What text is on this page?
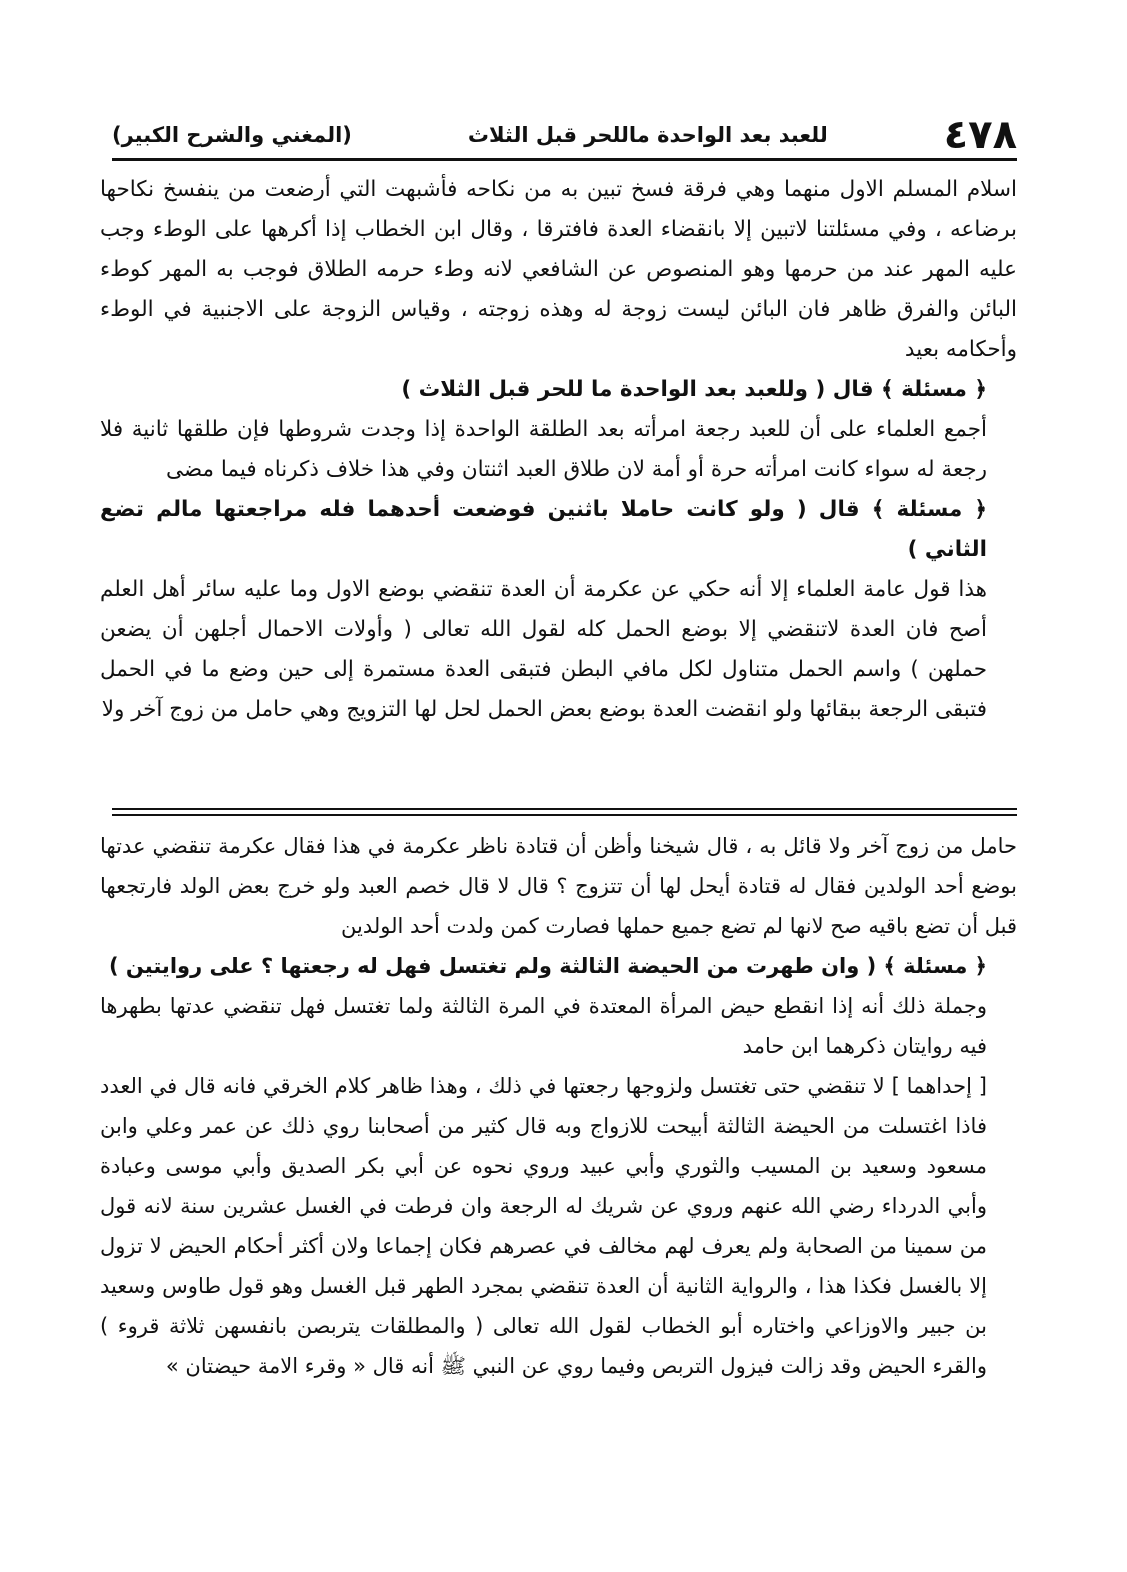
٤٧٨
للعبد بعد الواحدة ماللحر قبل الثلاث
(المغني والشرح الكبير)

اسلام المسلم الاول منهما وهي فرقة فسخ تبين به من نكاحه فأشبهت التي أرضعت من ينفسخ نكاحها برضاعه ، وفي مسئلتنا لاتبين إلا بانقضاء العدة فافترقا ، وقال ابن الخطاب إذا أكرهها على الوطء وجب عليه المهر عند من حرمها وهو المنصوص عن الشافعي لانه وطء حرمه الطلاق فوجب به المهر كوطء البائن والفرق ظاهر فان البائن ليست زوجة له وهذه زوجته ، وقياس الزوجة على الاجنبية في الوطء وأحكامه بعيد

﴿ مسئلة ﴾ قال ( وللعبد بعد الواحدة ما للحر قبل الثلاث )

أجمع العلماء على أن للعبد رجعة امرأته بعد الطلقة الواحدة إذا وجدت شروطها فإن طلقها ثانية فلا رجعة له سواء كانت امرأته حرة أو أمة لان طلاق العبد اثنتان وفي هذا خلاف ذكرناه فيما مضى

﴿ مسئلة ﴾ قال ( ولو كانت حاملا باثنين فوضعت أحدهما فله مراجعتها مالم تضع الثاني )

هذا قول عامة العلماء إلا أنه حكي عن عكرمة أن العدة تنقضي بوضع الاول وما عليه سائر أهل العلم أصح فان العدة لاتنقضي إلا بوضع الحمل كله لقول الله تعالى ( وأولات الاحمال أجلهن أن يضعن حملهن ) واسم الحمل متناول لكل مافي البطن فتبقى العدة مستمرة إلى حين وضع ما في الحمل فتبقى الرجعة ببقائها ولو انقضت العدة بوضع بعض الحمل لحل لها التزويج وهي حامل من زوج آخر ولا

حامل من زوج آخر ولا قائل به ، قال شيخنا وأظن أن قتادة ناظر عكرمة في هذا فقال عكرمة تنقضي عدتها بوضع أحد الولدين فقال له قتادة أيحل لها أن تتزوج ؟ قال لا قال خصم العبد ولو خرج بعض الولد فارتجعها قبل أن تضع باقيه صح لانها لم تضع جميع حملها فصارت كمن ولدت أحد الولدين

﴿ مسئلة ﴾ ( وان طهرت من الحيضة الثالثة ولم تغتسل فهل له رجعتها ؟ على روايتين )

وجملة ذلك أنه إذا انقطع حيض المرأة المعتدة في المرة الثالثة ولما تغتسل فهل تنقضي عدتها بطهرها فيه روايتان ذكرهما ابن حامد

[ إحداهما ] لا تنقضي حتى تغتسل ولزوجها رجعتها في ذلك ، وهذا ظاهر كلام الخرقي فانه قال في العدد فاذا اغتسلت من الحيضة الثالثة أبيحت للازواج وبه قال كثير من أصحابنا روي ذلك عن عمر وعلي وابن مسعود وسعيد بن المسيب والثوري وأبي عبيد وروي نحوه عن أبي بكر الصديق وأبي موسى وعبادة وأبي الدرداء رضي الله عنهم وروي عن شريك له الرجعة وان فرطت في الغسل عشرين سنة لانه قول من سمينا من الصحابة ولم يعرف لهم مخالف في عصرهم فكان إجماعا ولان أكثر أحكام الحيض لا تزول إلا بالغسل فكذا هذا ، والرواية الثانية أن العدة تنقضي بمجرد الطهر قبل الغسل وهو قول طاوس وسعيد بن جبير والاوزاعي واختاره أبو الخطاب لقول الله تعالى ( والمطلقات يتربصن بانفسهن ثلاثة قروء ) والقرء الحيض وقد زالت فيزول التربص وفيما روي عن النبي ﷺ أنه قال « وقرء الامة حيضتان »
